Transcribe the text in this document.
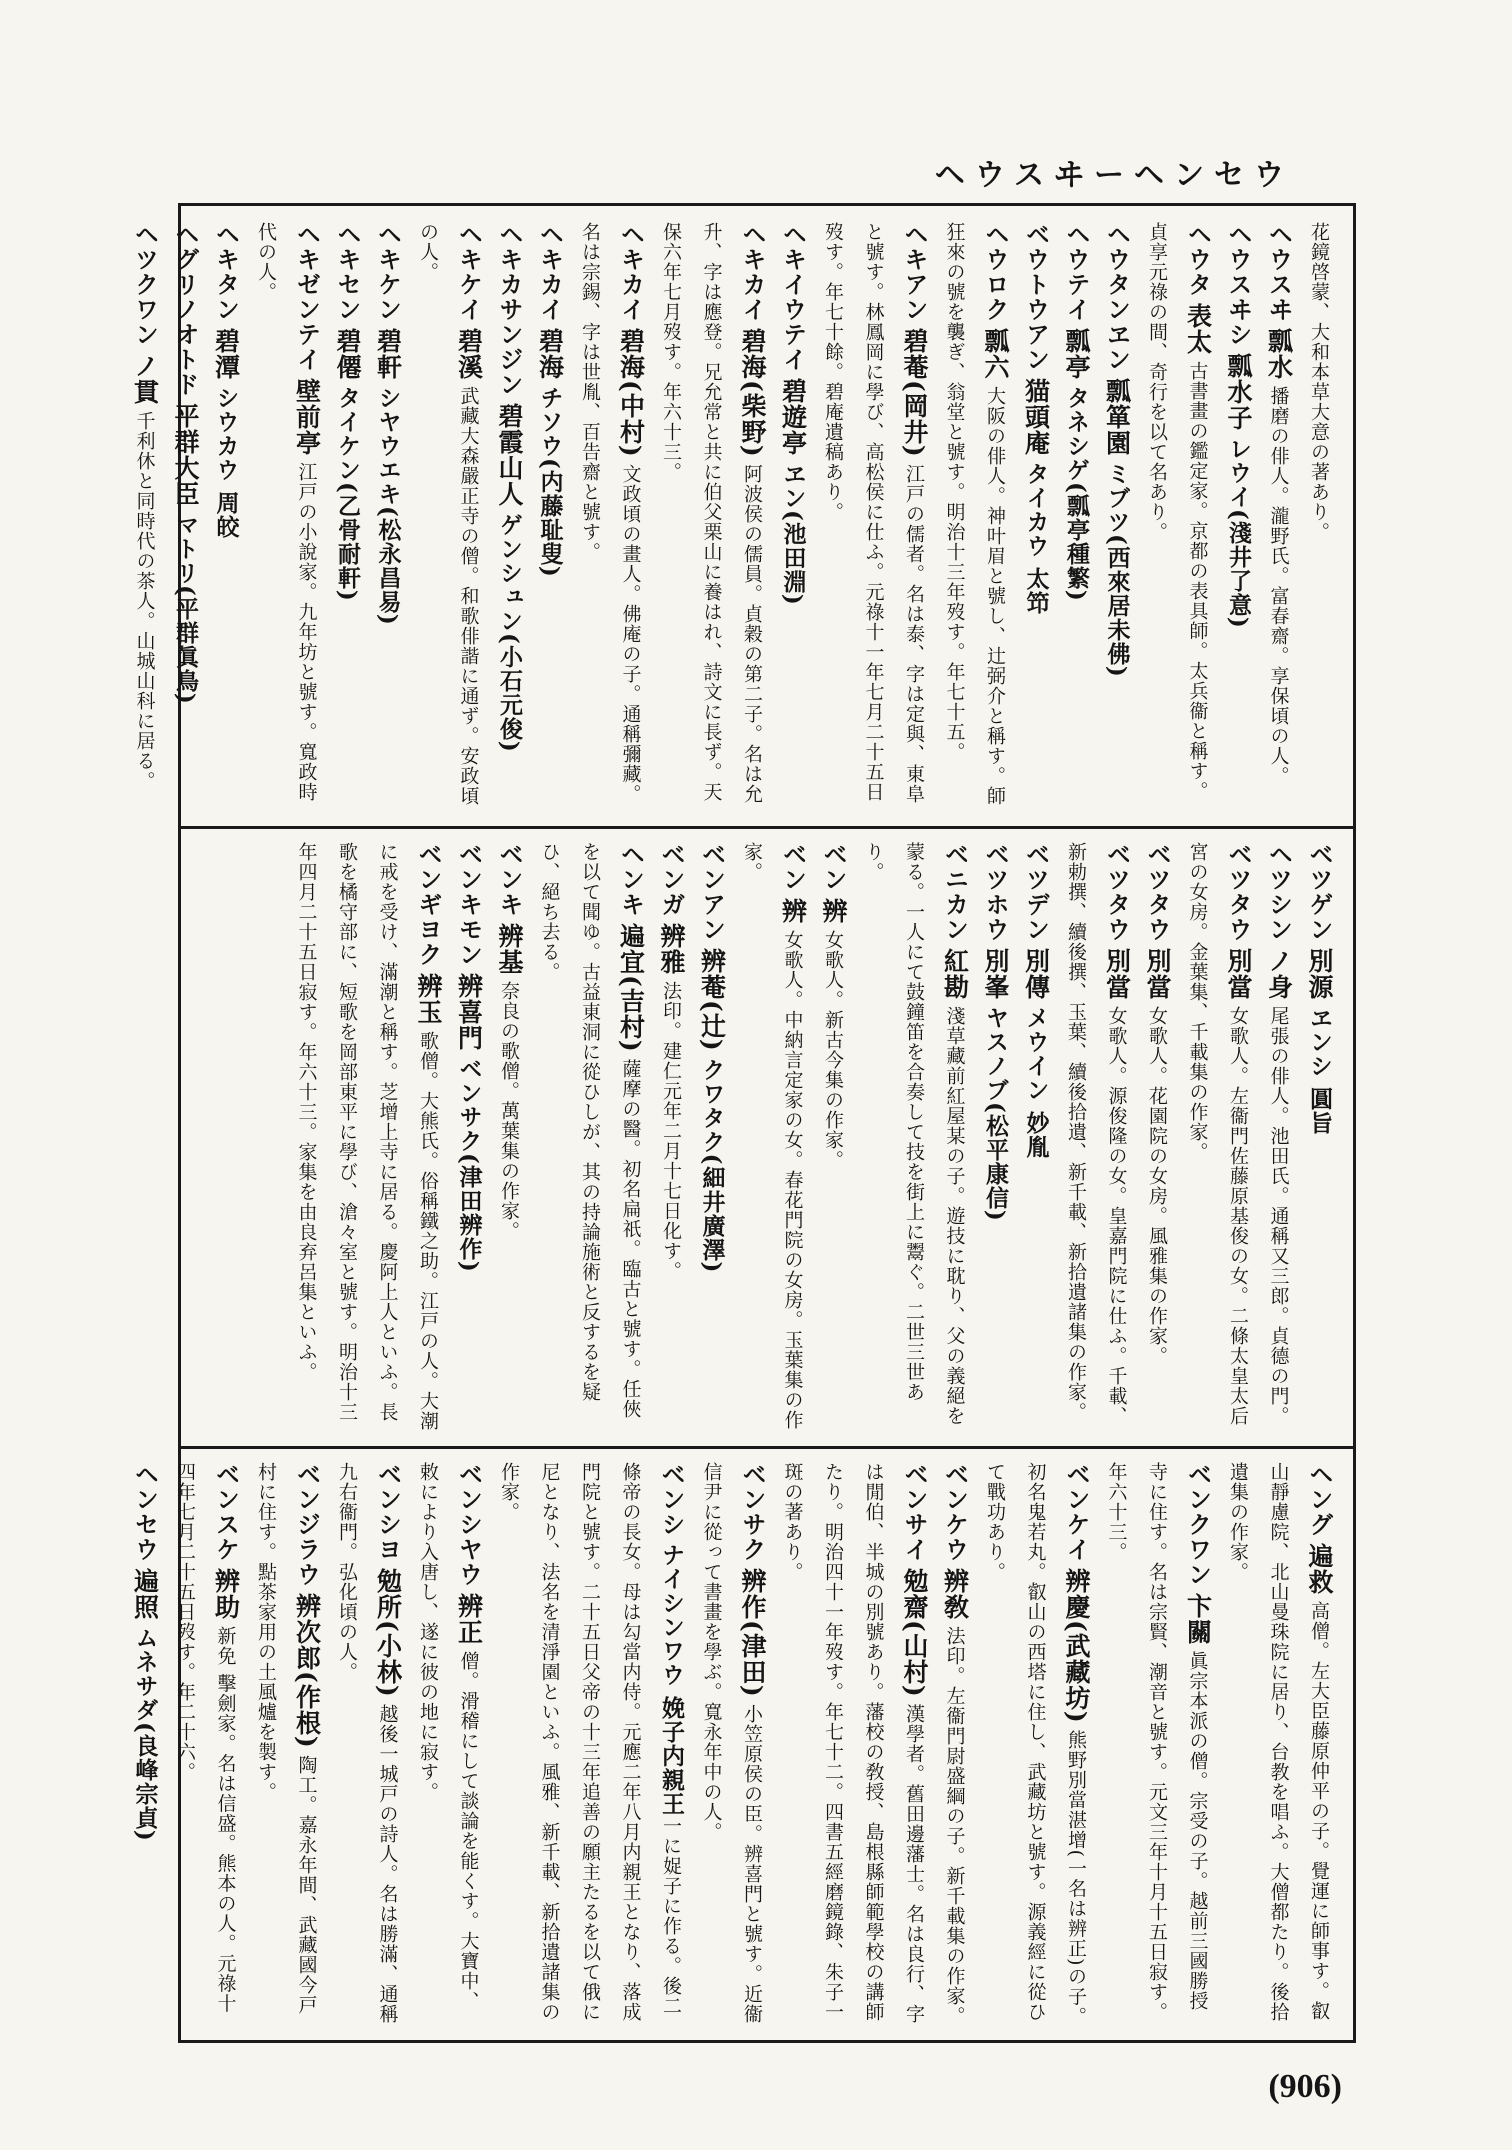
ヘウスヰーヘンセウ
花鏡啓蒙、大和本草大意の著あり。
ヘウスヰ瓢水播磨の俳人。瀧野氏。富春齋。享保頃の人。
ヘウスヰシ瓢水子レウイ(淺井了意)
ヘウタ表太古書畫の鑑定家。京都の表具師。太兵衞と稱す。貞享元祿の間、奇行を以て名あり。
ヘウタンヱン瓢箪園ミブツ(西來居未佛)
ヘウテイ瓢亭タネシゲ(瓢亭種繁)
ベウトウアン猫頭庵タイカウ 太笻
ヘウロク瓢六大阪の俳人。神叶眉と號し、辻弼介と稱す。師狂來の號を襲ぎ、翁堂と號す。明治十三年歿す。年七十五。
ヘキアン碧菴(岡井)江戸の儒者。名は泰、字は定與、東阜と號す。林鳳岡に學び、高松侯に仕ふ。元祿十一年七月二十五日歿す。年七十餘。碧庵遺稿あり。
ヘキイウテイ碧遊亭ヱン(池田淵)
ヘキカイ碧海(柴野)阿波侯の儒員。貞穀の第二子。名は允升、字は應登。兄允常と共に伯父栗山に養はれ、詩文に長ず。天保六年七月歿す。年六十三。
ヘキカイ碧海(中村)文政頃の畫人。佛庵の子。通稱彌藏。名は宗錫、字は世胤、百告齋と號す。
ヘキカイ碧海チソウ(内藤耻叟)
ヘキカサンジン碧霞山人ゲンシュン(小石元俊)
ヘキケイ碧溪武藏大森嚴正寺の僧。和歌俳諧に通ず。安政頃の人。
ヘキケン碧軒シヤウエキ(松永昌易)
ヘキセン碧僊タイケン(乙骨耐軒)
ヘキゼンテイ壁前亭江戸の小說家。九年坊と號す。寬政時代の人。
ヘキタン碧潭シウカウ 周皎
ヘグリノオトド平群大臣マトリ(平群眞鳥)
ヘツクワンノ貫千利休と同時代の茶人。山城山科に居る。
ベツゲン別源ヱンシ 圓旨
ヘツシンノ身尾張の俳人。池田氏。通稱又三郎。貞德の門。
ベツタウ別當女歌人。左衞門佐藤原基俊の女。二條太皇太后宮の女房。金葉集、千載集の作家。
ベツタウ別當女歌人。花園院の女房。風雅集の作家。
ベツタウ別當女歌人。源俊隆の女。皇嘉門院に仕ふ。千載、新勅撰、續後撰、玉葉、續後拾遺、新千載、新拾遺諸集の作家。
ベツデン別傳メウイン 妙胤
ベツホウ別峯ヤスノブ(松平康信)
ベニカン紅勘淺草藏前紅屋某の子。遊技に耽り、父の義絕を蒙る。一人にて鼓鐘笛を合奏して技を街上に鬻ぐ。二世三世あり。
ベン辨女歌人。新古今集の作家。
ベン辨女歌人。中納言定家の女。春花門院の女房。玉葉集の作家。
ベンアン辨菴(辻)クワタク(細井廣澤)
ベンガ辨雅法印。建仁元年二月十七日化す。
ヘンキ遍宜(吉村)薩摩の醫。初名扁祇。臨古と號す。任俠を以て聞ゆ。古益東洞に從ひしが、其の持論施術と反するを疑ひ、絕ち去る。
ベンキ辨基奈良の歌僧。萬葉集の作家。
ベンキモン辨喜門ベンサク(津田辨作)
ベンギヨク辨玉歌僧。大熊氏。俗稱鐵之助。江戸の人。大潮に戒を受け、滿潮と稱す。芝增上寺に居る。慶阿上人といふ。長歌を橘守部に、短歌を岡部東平に學び、滄々室と號す。明治十三年四月二十五日寂す。年六十三。家集を由良弃呂集といふ。
ヘング遍救高僧。左大臣藤原仲平の子。覺運に師事す。叡山靜慮院、北山曼珠院に居り、台教を唱ふ。大僧都たり。後拾遺集の作家。
ベンクワン卞關眞宗本派の僧。宗受の子。越前三國勝授寺に住す。名は宗賢、潮音と號す。元文三年十月十五日寂す。年六十三。
ベンケイ辨慶(武藏坊)熊野別當湛增(一名は辨正)の子。初名鬼若丸。叡山の西塔に住し、武藏坊と號す。源義經に從ひて戰功あり。
ベンケウ辨敎法印。左衞門尉盛綱の子。新千載集の作家。
ベンサイ勉齋(山村)漢學者。舊田邊藩士。名は良行、字は閒伯、半城の別號あり。藩校の敎授、島根縣師範學校の講師たり。明治四十一年歿す。年七十二。四書五經磨鏡錄、朱子一斑の著あり。
ベンサク辨作(津田)小笠原侯の臣。辨喜門と號す。近衞信尹に從って書畫を學ぶ。寬永年中の人。
ベンシナイシンワウ 娩子内親王一に娖子に作る。後二條帝の長女。母は勾當内侍。元應二年八月内親王となり、落成門院と號す。二十五日父帝の十三年追善の願主たるを以て俄に尼となり、法名を清淨園といふ。風雅、新千載、新拾遺諸集の作家。
ベンシヤウ辨正僧。滑稽にして談論を能くす。大寶中、敕により入唐し、遂に彼の地に寂す。
ベンシヨ勉所(小林)越後一城戸の詩人。名は勝滿、通稱九右衞門。弘化頃の人。
ベンジラウ辨次郎(作根)陶工。嘉永年間、武藏國今戸村に住す。點茶家用の土風爐を製す。
ベンスケ辨助新免 擊劍家。名は信盛。熊本の人。元祿十四年七月二十五日歿す。年二十六。
ヘンセウ遍照ムネサダ(良峰宗貞)
(906)
